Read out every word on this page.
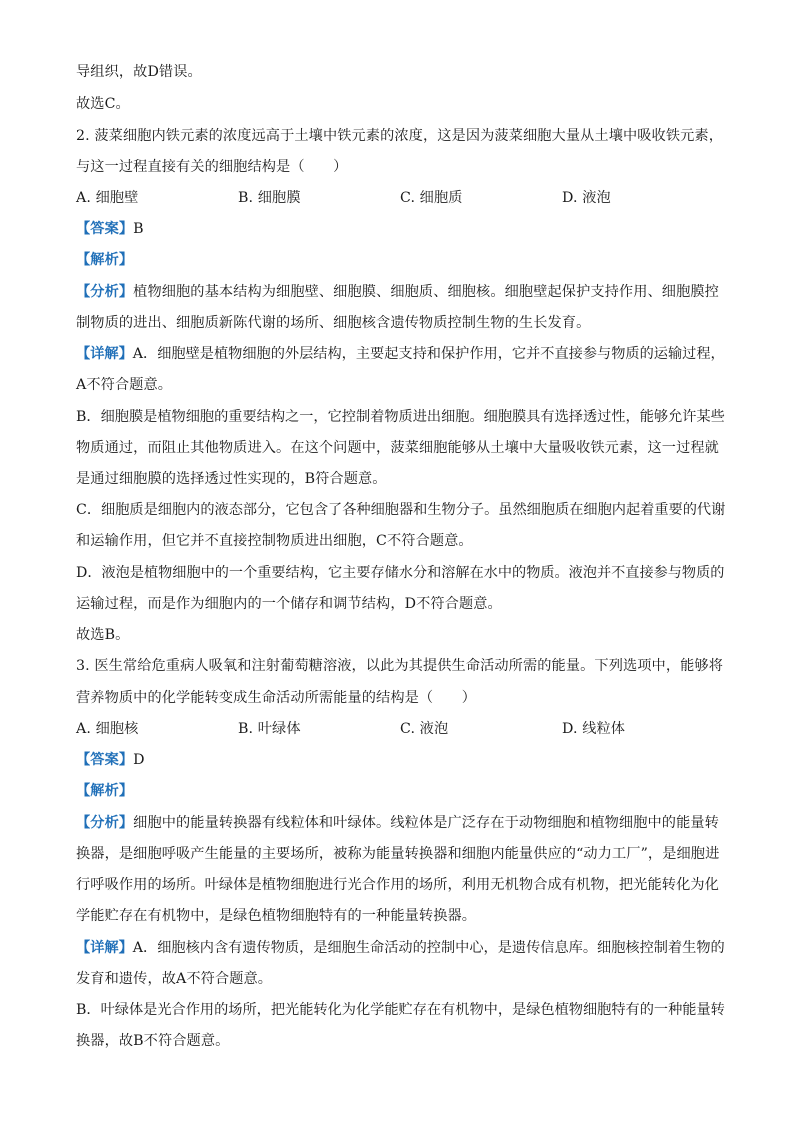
导组织，故D错误。
故选C。
2. 菠菜细胞内铁元素的浓度远高于土壤中铁元素的浓度，这是因为菠菜细胞大量从土壤中吸收铁元素，
与这一过程直接有关的细胞结构是（　　）
A. 细胞壁	B. 细胞膜	C. 细胞质	D. 液泡
【答案】B
【解析】
【分析】植物细胞的基本结构为细胞壁、细胞膜、细胞质、细胞核。细胞壁起保护支持作用、细胞膜控
制物质的进出、细胞质新陈代谢的场所、细胞核含遗传物质控制生物的生长发育。
【详解】A．细胞壁是植物细胞的外层结构，主要起支持和保护作用，它并不直接参与物质的运输过程，
A不符合题意。
B．细胞膜是植物细胞的重要结构之一，它控制着物质进出细胞。细胞膜具有选择透过性，能够允许某些
物质通过，而阻止其他物质进入。在这个问题中，菠菜细胞能够从土壤中大量吸收铁元素，这一过程就
是通过细胞膜的选择透过性实现的，B符合题意。
C．细胞质是细胞内的液态部分，它包含了各种细胞器和生物分子。虽然细胞质在细胞内起着重要的代谢
和运输作用，但它并不直接控制物质进出细胞，C不符合题意。
D．液泡是植物细胞中的一个重要结构，它主要存储水分和溶解在水中的物质。液泡并不直接参与物质的
运输过程，而是作为细胞内的一个储存和调节结构，D不符合题意。
故选B。
3. 医生常给危重病人吸氧和注射葡萄糖溶液，以此为其提供生命活动所需的能量。下列选项中，能够将
营养物质中的化学能转变成生命活动所需能量的结构是（　　）
A. 细胞核	B. 叶绿体	C. 液泡	D. 线粒体
【答案】D
【解析】
【分析】细胞中的能量转换器有线粒体和叶绿体。线粒体是广泛存在于动物细胞和植物细胞中的能量转
换器，是细胞呼吸产生能量的主要场所，被称为能量转换器和细胞内能量供应的“动力工厂”，是细胞进
行呼吸作用的场所。叶绿体是植物细胞进行光合作用的场所，利用无机物合成有机物，把光能转化为化
学能贮存在有机物中，是绿色植物细胞特有的一种能量转换器。
【详解】A．细胞核内含有遗传物质，是细胞生命活动的控制中心，是遗传信息库。细胞核控制着生物的
发育和遗传，故A不符合题意。
B．叶绿体是光合作用的场所，把光能转化为化学能贮存在有机物中，是绿色植物细胞特有的一种能量转
换器，故B不符合题意。
